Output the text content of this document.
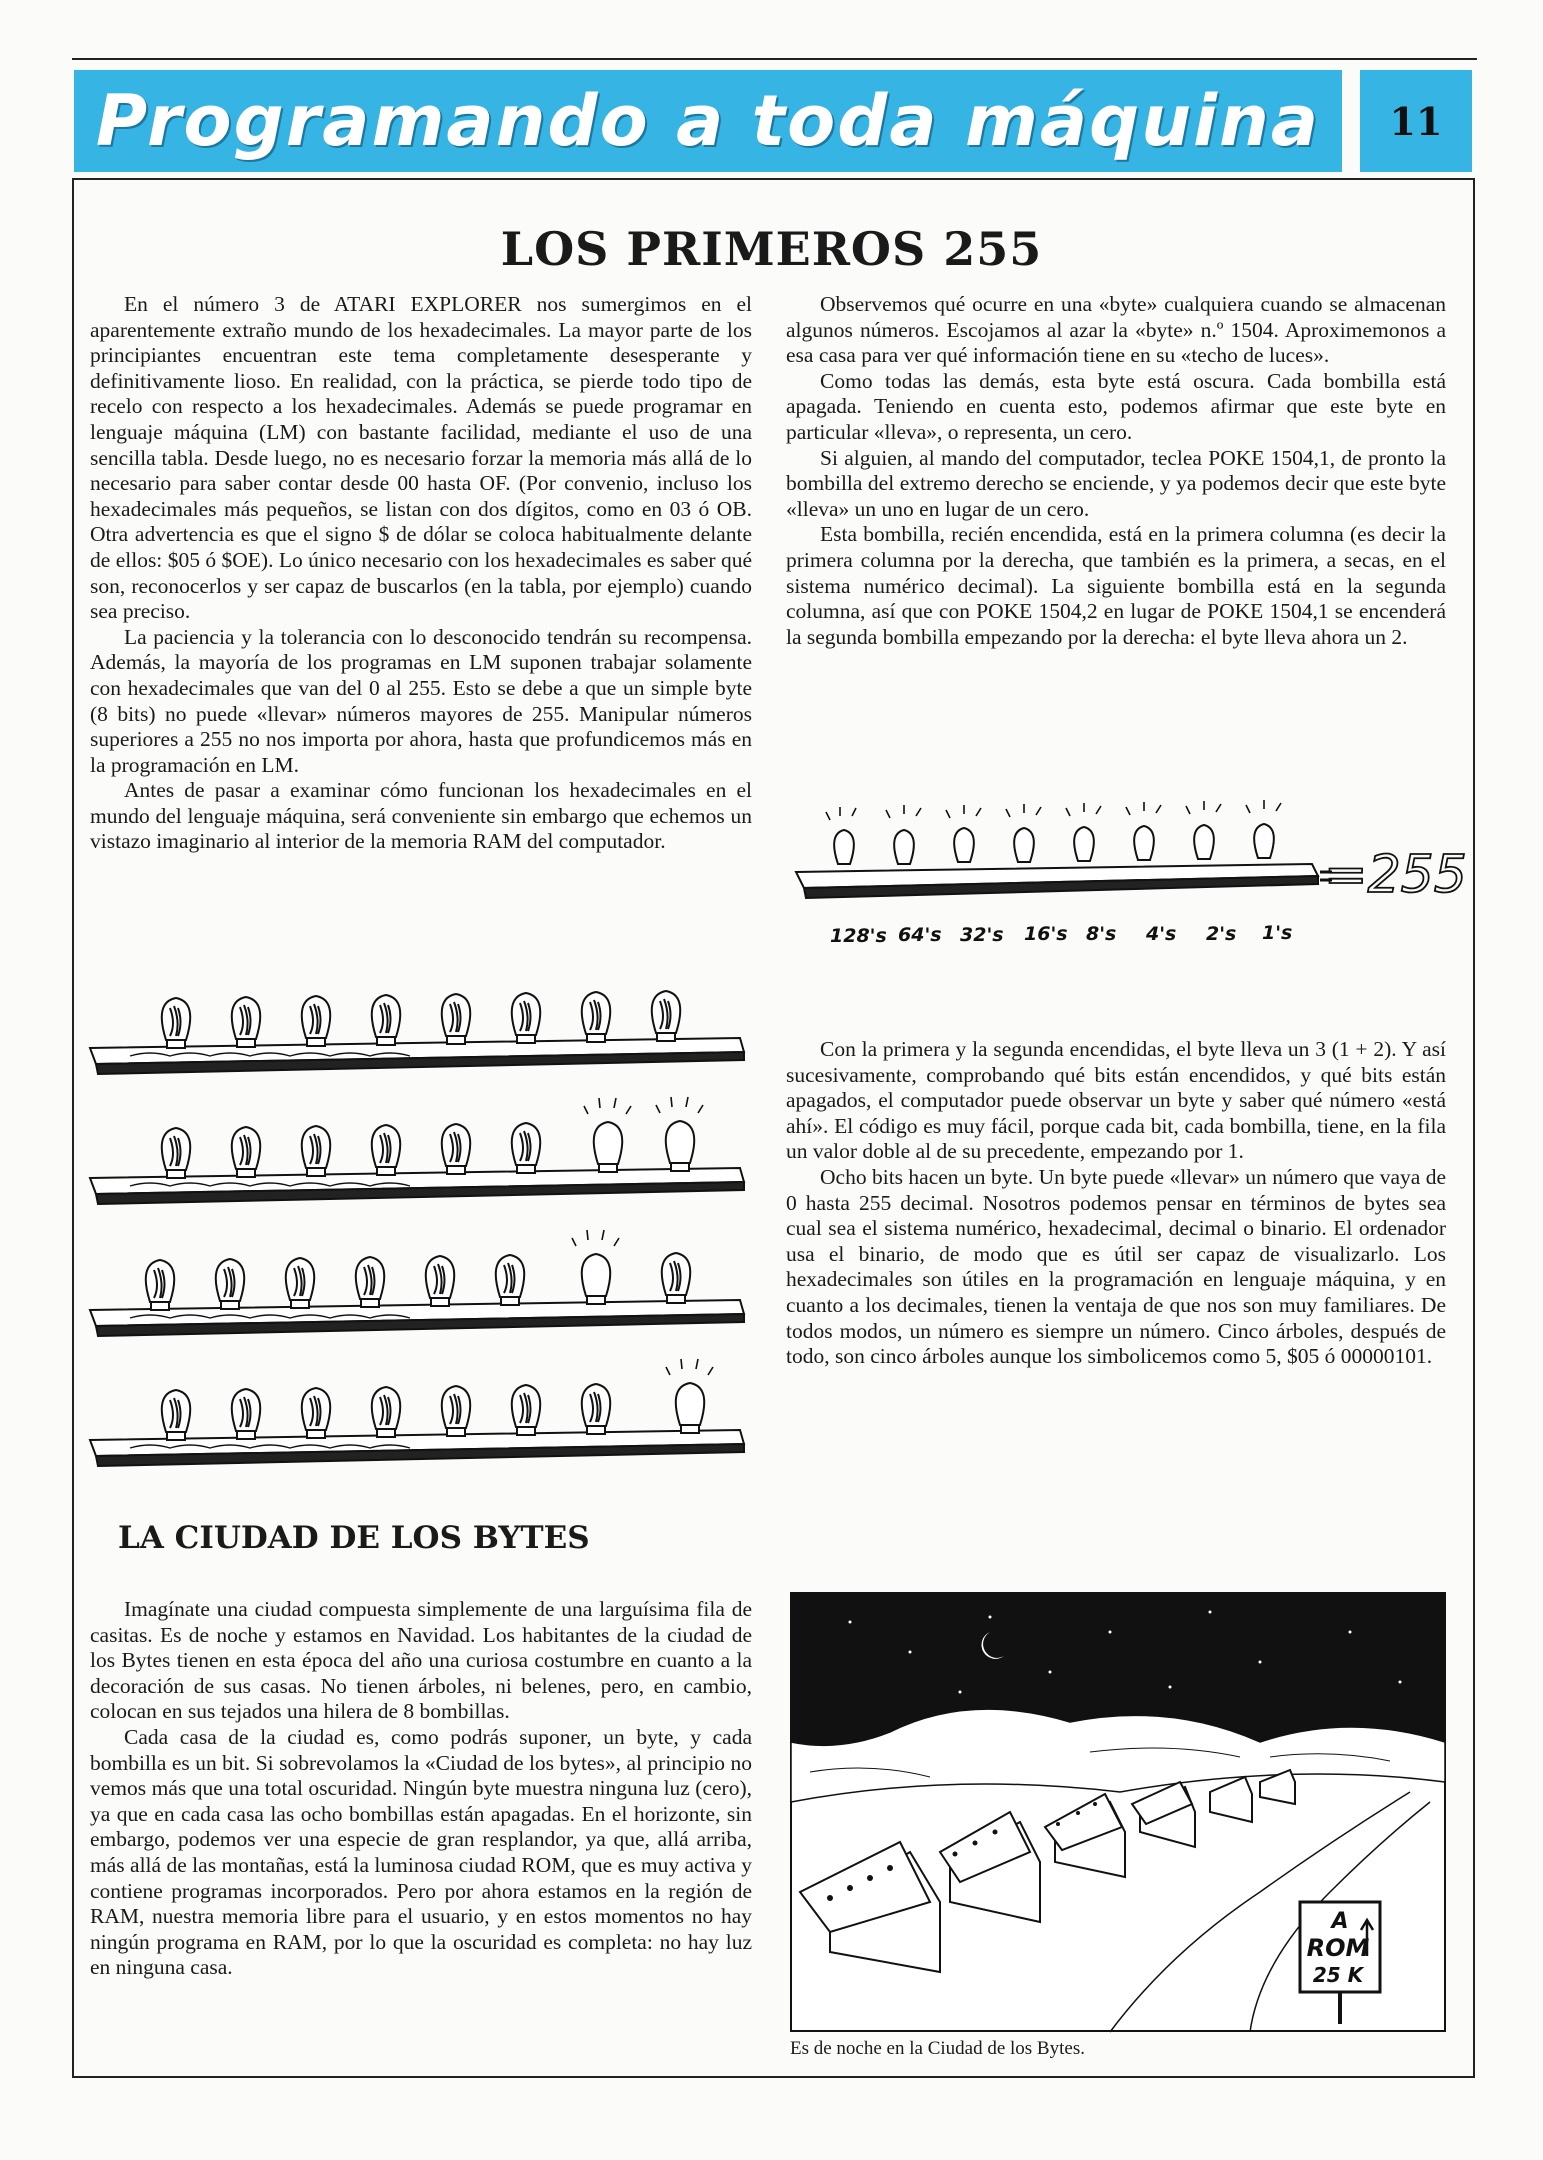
Programando a toda máquina 11
LOS PRIMEROS 255

En el número 3 de ATARI EXPLORER nos sumergimos en el aparentemente extraño mundo de los hexadecimales. La mayor parte de los principiantes encuentran este tema completamente desesperante y definitivamente lioso. En realidad, con la práctica, se pierde todo tipo de recelo con respecto a los hexadecimales. Además se puede programar en lenguaje máquina (LM) con bastante facilidad, mediante el uso de una sencilla tabla. Desde luego, no es necesario forzar la memoria más allá de lo necesario para saber contar desde 00 hasta OF. (Por convenio, incluso los hexadecimales más pequeños, se listan con dos dígitos, como en 03 ó OB. Otra advertencia es que el signo $ de dólar se coloca habitualmente delante de ellos: $05 ó $OE). Lo único necesario con los hexadecimales es saber qué son, reconocerlos y ser capaz de buscarlos (en la tabla, por ejemplo) cuando sea preciso.

La paciencia y la tolerancia con lo desconocido tendrán su recompensa. Además, la mayoría de los programas en LM suponen trabajar solamente con hexadecimales que van del 0 al 255. Esto se debe a que un simple byte (8 bits) no puede «llevar» números mayores de 255. Manipular números superiores a 255 no nos importa por ahora, hasta que profundicemos más en la programación en LM.

Antes de pasar a examinar cómo funcionan los hexadecimales en el mundo del lenguaje máquina, será conveniente sin embargo que echemos un vistazo imaginario al interior de la memoria RAM del computador.

Observemos qué ocurre en una «byte» cualquiera cuando se almacenan algunos números. Escojamos al azar la «byte» n.º 1504. Aproximemonos a esa casa para ver qué información tiene en su «techo de luces».

Como todas las demás, esta byte está oscura. Cada bombilla está apagada. Teniendo en cuenta esto, podemos afirmar que este byte en particular «lleva», o representa, un cero.

Si alguien, al mando del computador, teclea POKE 1504,1, de pronto la bombilla del extremo derecho se enciende, y ya podemos decir que este byte «lleva» un uno en lugar de un cero.

Esta bombilla, recién encendida, está en la primera columna (es decir la primera columna por la derecha, que también es la primera, a secas, en el sistema numérico decimal). La siguiente bombilla está en la segunda columna, así que con POKE 1504,2 en lugar de POKE 1504,1 se encenderá la segunda bombilla empezando por la derecha: el byte lleva ahora un 2.

=255
128's 64's 32's 16's 8's 4's 2's 1's

Con la primera y la segunda encendidas, el byte lleva un 3 (1 + 2). Y así sucesivamente, comprobando qué bits están encendidos, y qué bits están apagados, el computador puede observar un byte y saber qué número «está ahí». El código es muy fácil, porque cada bit, cada bombilla, tiene, en la fila un valor doble al de su precedente, empezando por 1.

Ocho bits hacen un byte. Un byte puede «llevar» un número que vaya de 0 hasta 255 decimal. Nosotros podemos pensar en términos de bytes sea cual sea el sistema numérico, hexadecimal, decimal o binario. El ordenador usa el binario, de modo que es útil ser capaz de visualizarlo. Los hexadecimales son útiles en la programación en lenguaje máquina, y en cuanto a los decimales, tienen la ventaja de que nos son muy familiares. De todos modos, un número es siempre un número. Cinco árboles, después de todo, son cinco árboles aunque los simbolicemos como 5, $05 ó 00000101.

LA CIUDAD DE LOS BYTES

Imagínate una ciudad compuesta simplemente de una larguísima fila de casitas. Es de noche y estamos en Navidad. Los habitantes de la ciudad de los Bytes tienen en esta época del año una curiosa costumbre en cuanto a la decoración de sus casas. No tienen árboles, ni belenes, pero, en cambio, colocan en sus tejados una hilera de 8 bombillas.

Cada casa de la ciudad es, como podrás suponer, un byte, y cada bombilla es un bit. Si sobrevolamos la «Ciudad de los bytes», al principio no vemos más que una total oscuridad. Ningún byte muestra ninguna luz (cero), ya que en cada casa las ocho bombillas están apagadas. En el horizonte, sin embargo, podemos ver una especie de gran resplandor, ya que, allá arriba, más allá de las montañas, está la luminosa ciudad ROM, que es muy activa y contiene programas incorporados. Pero por ahora estamos en la región de RAM, nuestra memoria libre para el usuario, y en estos momentos no hay ningún programa en RAM, por lo que la oscuridad es completa: no hay luz en ninguna casa.

A
ROM
25 K
Es de noche en la Ciudad de los Bytes.
